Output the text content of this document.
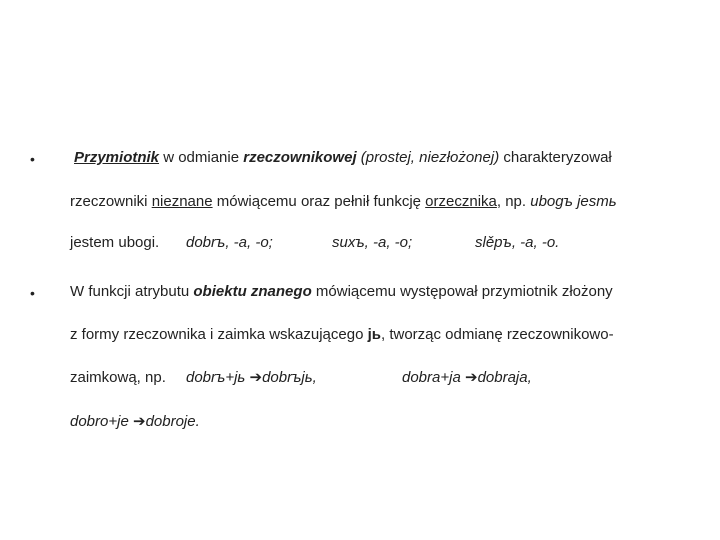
•	Przymiotnik w odmianie rzeczownikowej (prostej, niezłożonej) charakteryzował
rzeczowniki nieznane mówiącemu oraz pełnił funkcję orzecznika, np. ubogъ jesmь
jestem ubogi. dobrъ, -a, -o;	suxъ, -a, -o;	slěpъ, -a, -o.
• W funkcji atrybutu obiektu znanego mówiącemu występował przymiotnik złożony
z formy rzeczownika i zaimka wskazującego jь, tworząc odmianę rzeczownikowo-
zaimkową, np. dobrъ+jь ➔dobrъjь,	dobra+ja ➔dobraja,
dobro+je ➔dobroje.
